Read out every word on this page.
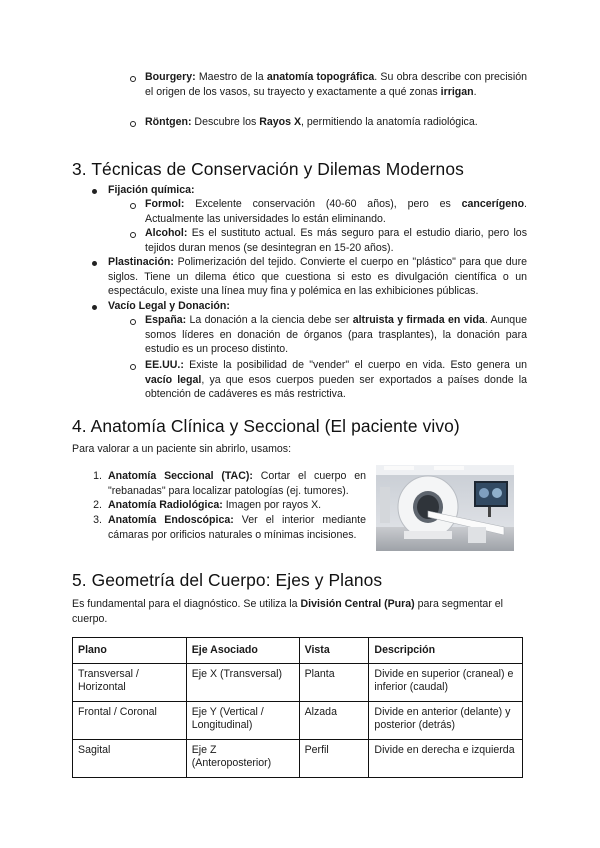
Bourgery: Maestro de la anatomía topográfica. Su obra describe con precisión el origen de los vasos, su trayecto y exactamente a qué zonas irrigan.
Röntgen: Descubre los Rayos X, permitiendo la anatomía radiológica.
3. Técnicas de Conservación y Dilemas Modernos
Fijación química:
Formol: Excelente conservación (40-60 años), pero es cancerígeno. Actualmente las universidades lo están eliminando.
Alcohol: Es el sustituto actual. Es más seguro para el estudio diario, pero los tejidos duran menos (se desintegran en 15-20 años).
Plastinación: Polimerización del tejido. Convierte el cuerpo en "plástico" para que dure siglos. Tiene un dilema ético que cuestiona si esto es divulgación científica o un espectáculo, existe una línea muy fina y polémica en las exhibiciones públicas.
Vacío Legal y Donación:
España: La donación a la ciencia debe ser altruista y firmada en vida. Aunque somos líderes en donación de órganos (para trasplantes), la donación para estudio es un proceso distinto.
EE.UU.: Existe la posibilidad de "vender" el cuerpo en vida. Esto genera un vacío legal, ya que esos cuerpos pueden ser exportados a países donde la obtención de cadáveres es más restrictiva.
4. Anatomía Clínica y Seccional (El paciente vivo)
Para valorar a un paciente sin abrirlo, usamos:
1. Anatomía Seccional (TAC): Cortar el cuerpo en "rebanadas" para localizar patologías (ej. tumores).
2. Anatomía Radiológica: Imagen por rayos X.
3. Anatomía Endoscópica: Ver el interior mediante cámaras por orificios naturales o mínimas incisiones.
5. Geometría del Cuerpo: Ejes y Planos
Es fundamental para el diagnóstico. Se utiliza la División Central (Pura) para segmentar el cuerpo.
Plano	Eje Asociado	Vista	Descripción
Transversal / Horizontal	Eje X (Transversal)	Planta	Divide en superior (craneal) e inferior (caudal)
Frontal / Coronal	Eje Y (Vertical / Longitudinal)	Alzada	Divide en anterior (delante) y posterior (detrás)
Sagital	Eje Z (Anteroposterior)	Perfil	Divide en derecha e izquierda
